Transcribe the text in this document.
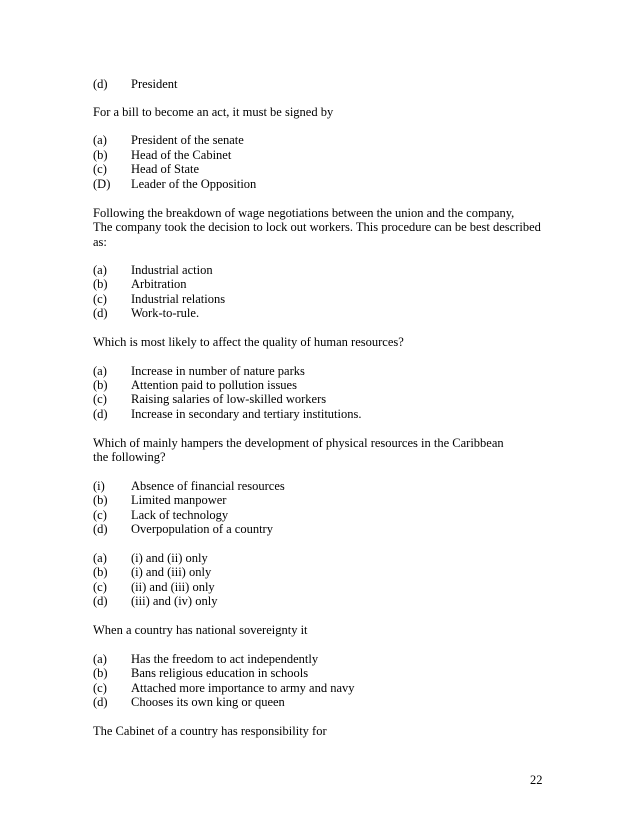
(d) President
For a bill to become an act, it must be signed by
(a) President of the senate
(b) Head of the Cabinet
(c) Head of State
(D) Leader of the Opposition
Following the breakdown of wage negotiations between the union and the company,
The company took the decision to lock out workers. This procedure can be best described
as:
(a) Industrial action
(b) Arbitration
(c) Industrial relations
(d) Work-to-rule.
Which is most likely to affect the quality of human resources?
(a) Increase in number of nature parks
(b) Attention paid to pollution issues
(c) Raising salaries of low-skilled workers
(d) Increase in secondary and tertiary institutions.
Which of mainly hampers the development of physical resources in the Caribbean
the following?
(i) Absence of financial resources
(b) Limited manpower
(c) Lack of technology
(d) Overpopulation of a country
(a) (i) and (ii) only
(b) (i) and (iii) only
(c) (ii) and (iii) only
(d) (iii) and (iv) only
When a country has national sovereignty it
(a) Has the freedom to act independently
(b) Bans religious education in schools
(c) Attached more importance to army and navy
(d) Chooses its own king or queen
The Cabinet of a country has responsibility for
22
